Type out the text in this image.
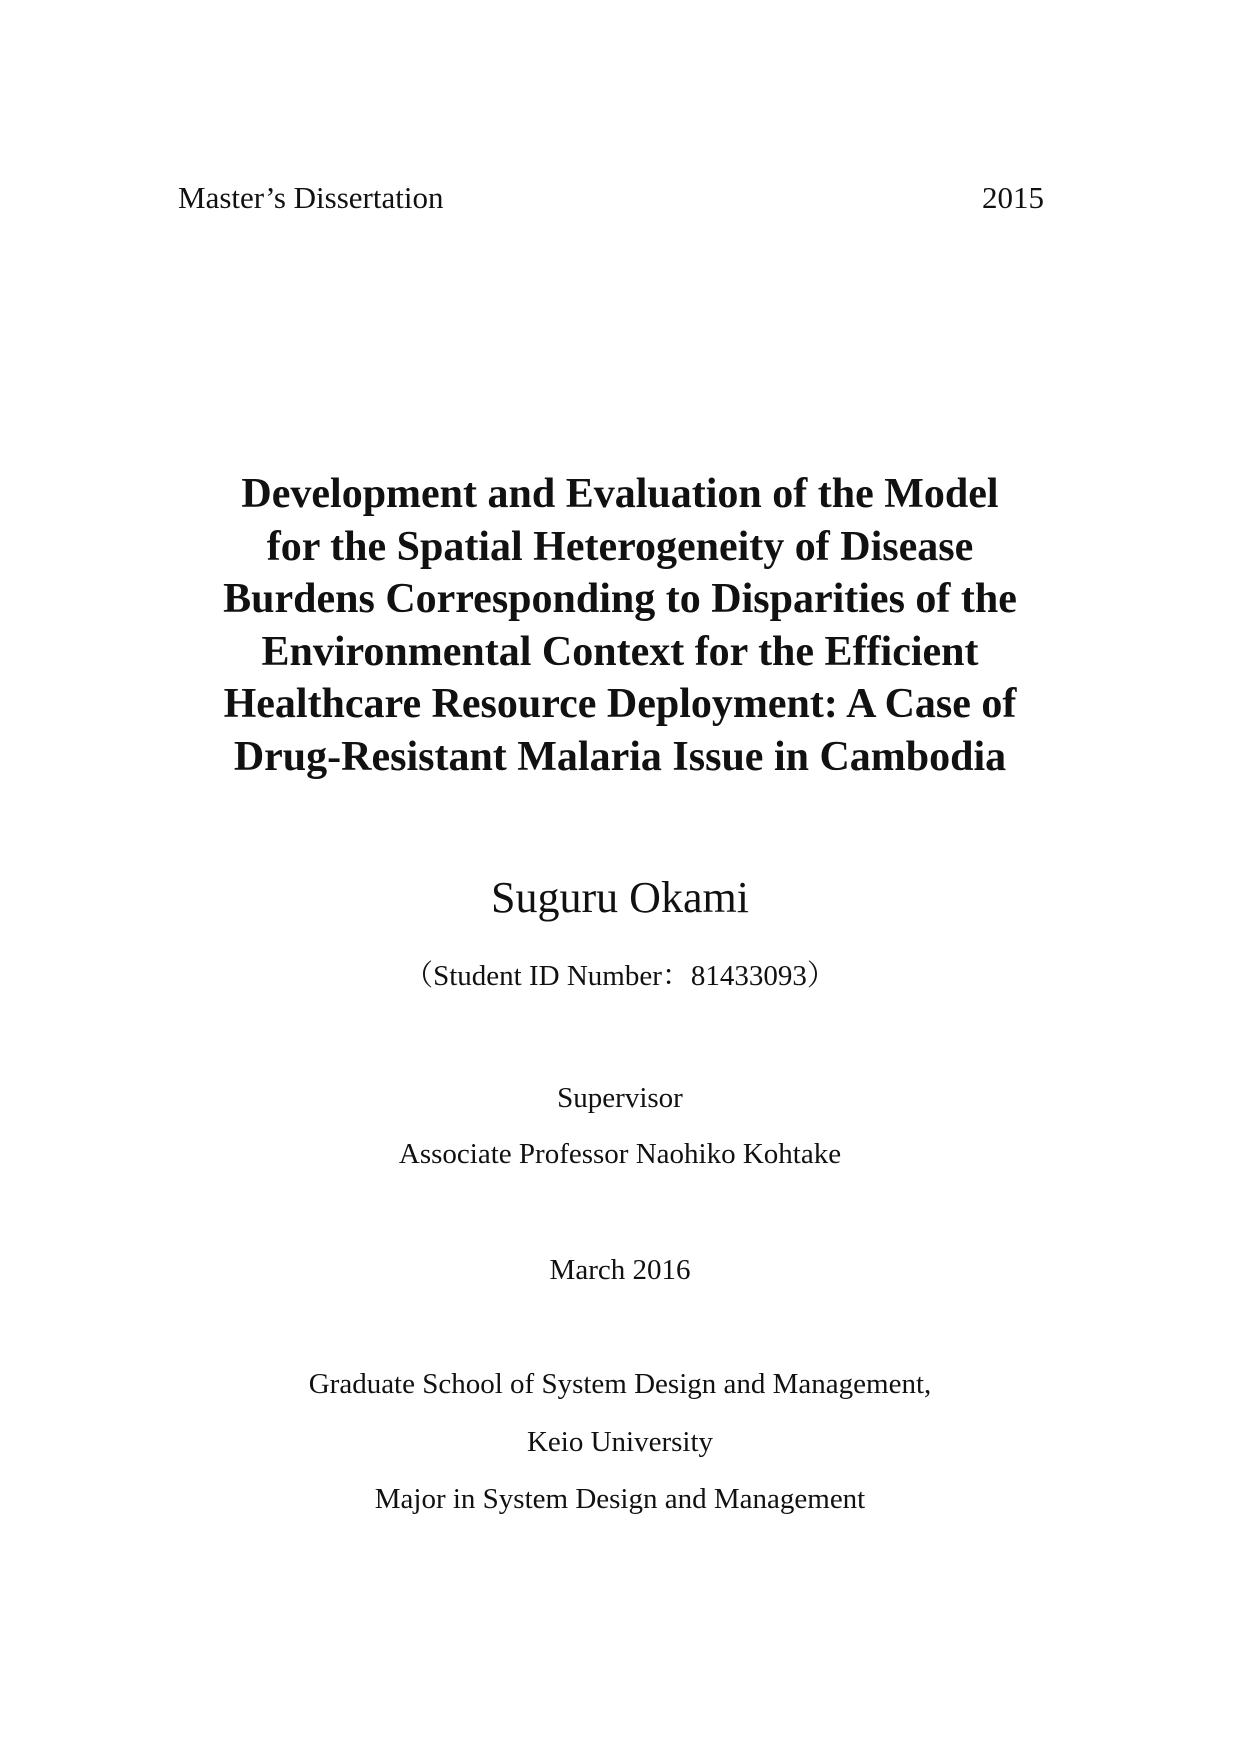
Master’s Dissertation	2015
Development and Evaluation of the Model
for the Spatial Heterogeneity of Disease
Burdens Corresponding to Disparities of the
Environmental Context for the Efficient
Healthcare Resource Deployment: A Case of
Drug-Resistant Malaria Issue in Cambodia
Suguru Okami
（Student ID Number：81433093）
Supervisor
Associate Professor Naohiko Kohtake
March 2016
Graduate School of System Design and Management,
Keio University
Major in System Design and Management
